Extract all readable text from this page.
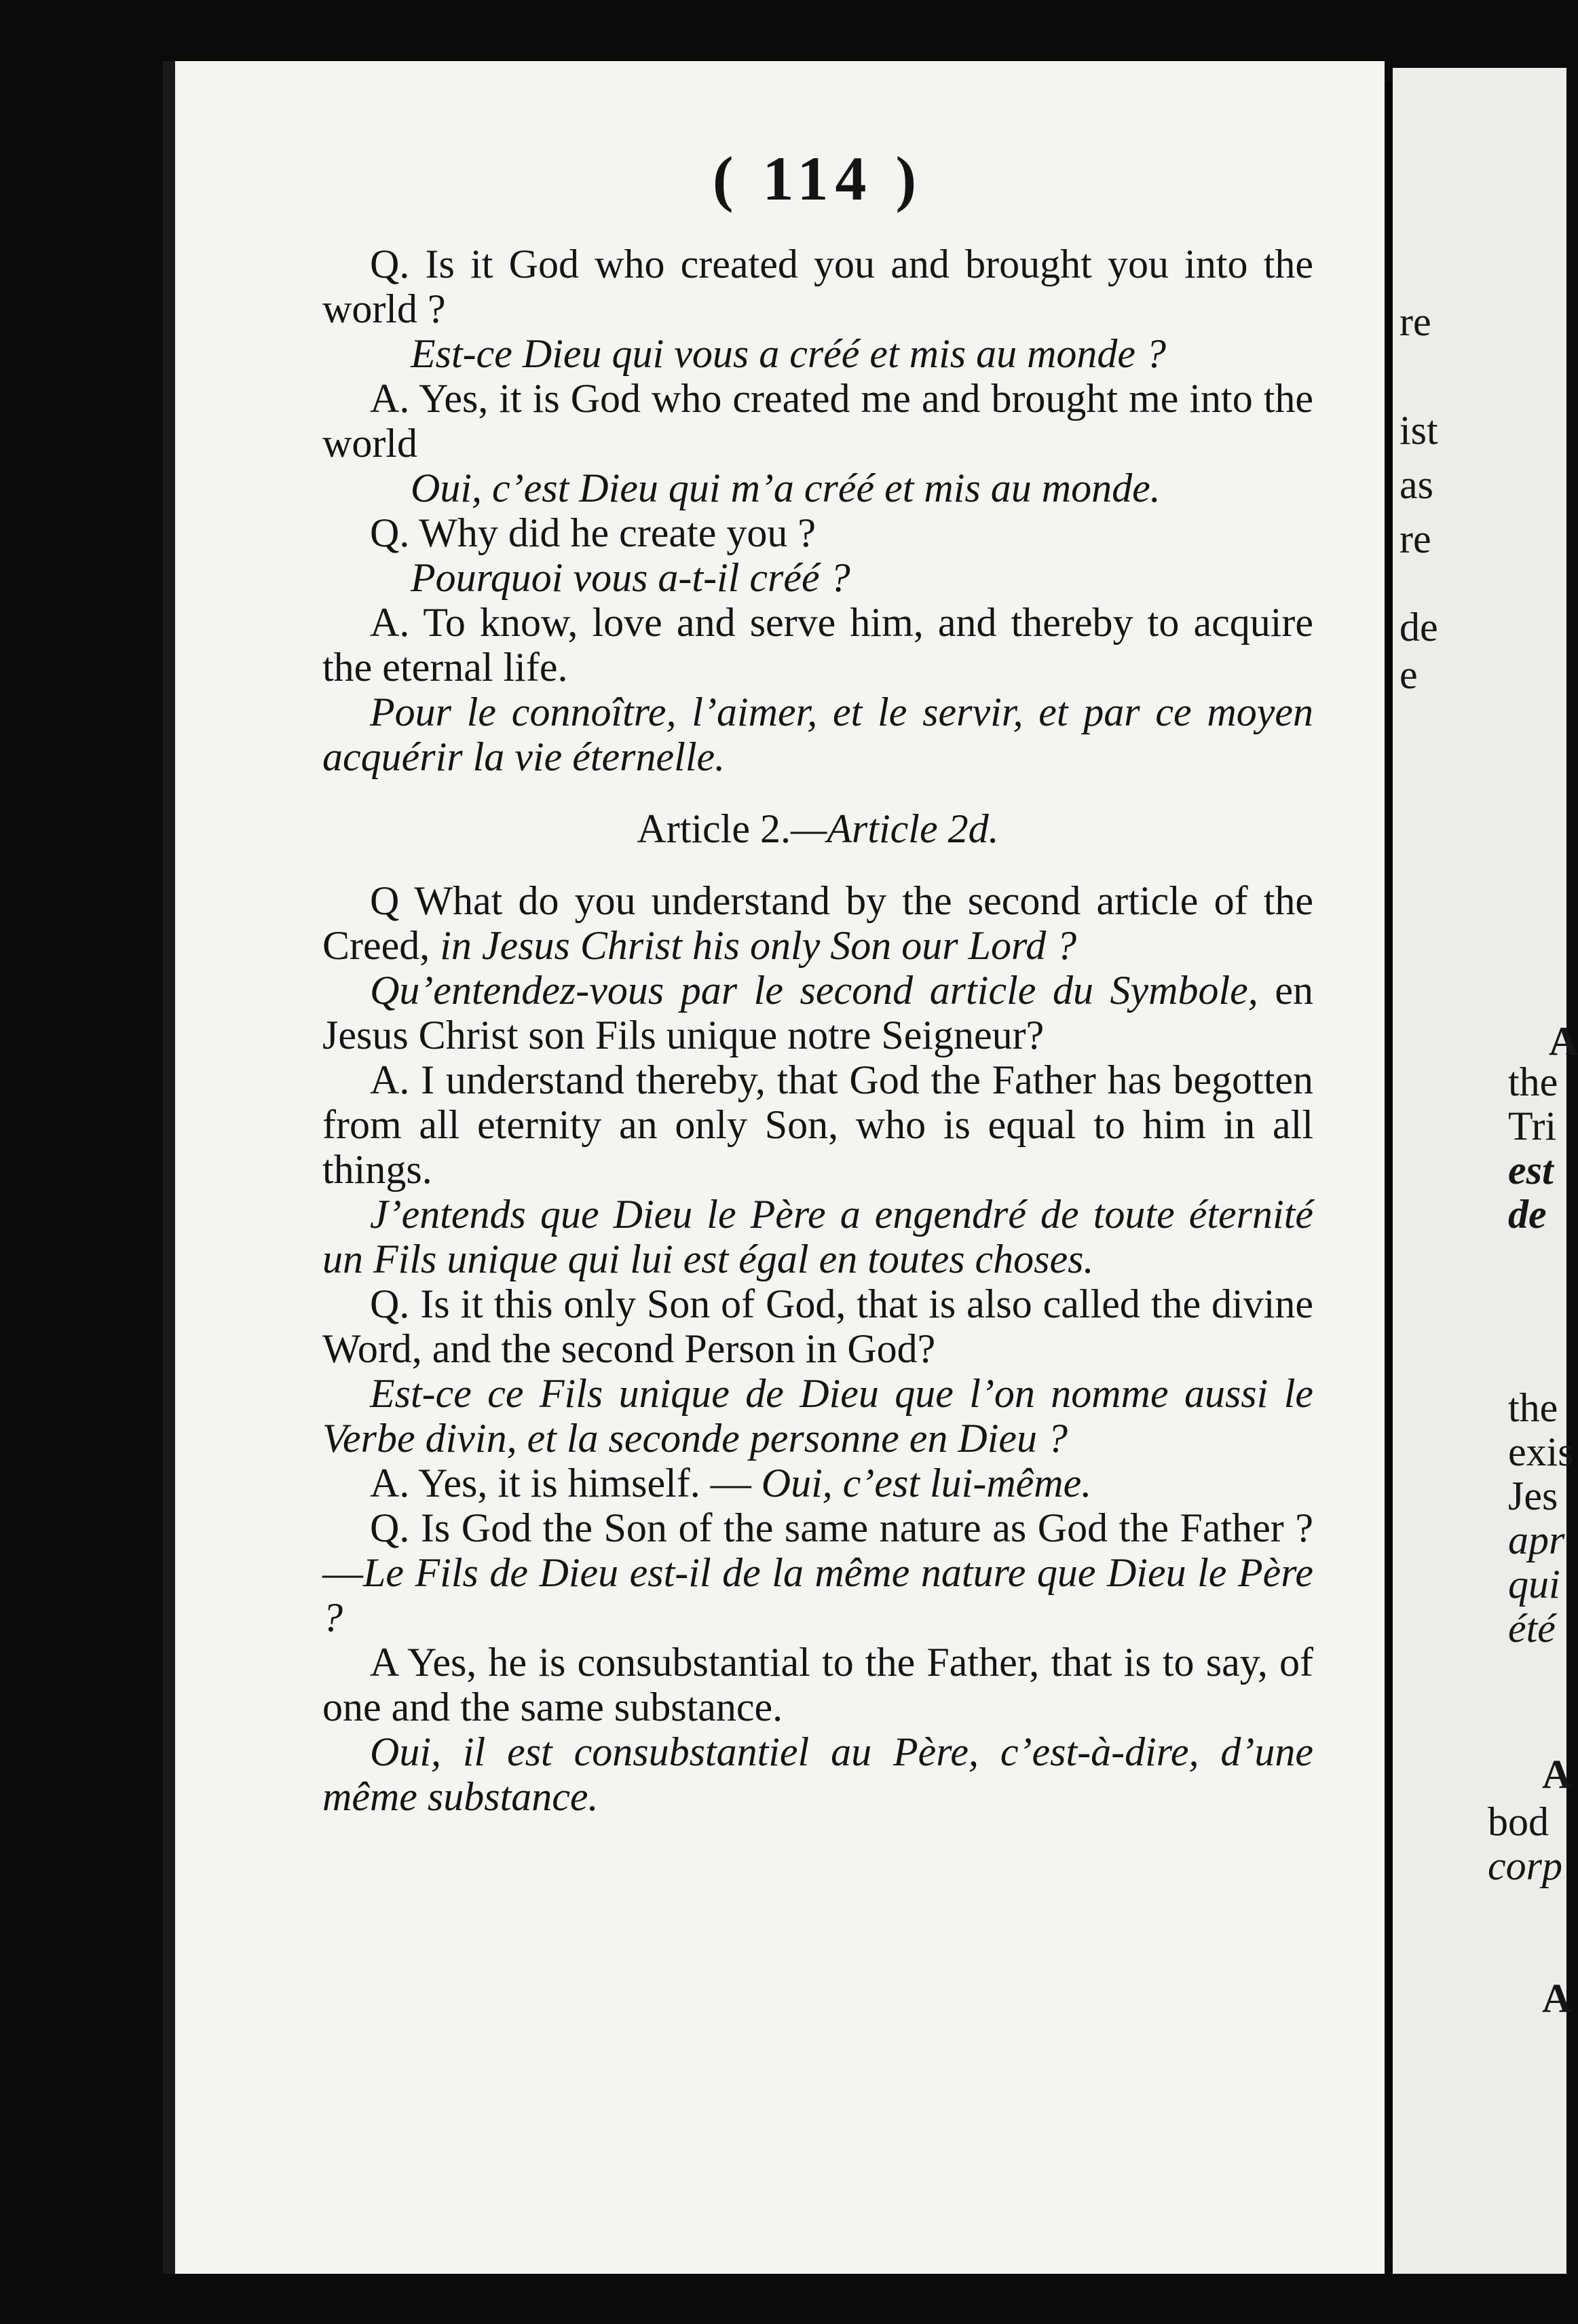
re
ist
as
re
de
e
A
the
Tri
est
de
the
exis
Jes
apr
qui
été
A
bod
corp
A
( 114 )

Q. Is it God who created you and brought you into the world ?

Est-ce Dieu qui vous a créé et mis au monde ?

A. Yes, it is God who created me and brought me into the world

Oui, c’est Dieu qui m’a créé et mis au monde.

Q. Why did he create you ?

Pourquoi vous a-t-il créé ?

A. To know, love and serve him, and thereby to acquire the eternal life.

Pour le connoître, l’aimer, et le servir, et par ce moyen acquérir la vie éternelle.

Article 2.—Article 2d.

Q What do you understand by the second article of the Creed, in Jesus Christ his only Son our Lord ?

Qu’entendez-vous par le second article du Symbole, en Jesus Christ son Fils unique notre Seigneur?

A. I understand thereby, that God the Father has begotten from all eternity an only Son, who is equal to him in all things.

J’entends que Dieu le Père a engendré de toute éternité un Fils unique qui lui est égal en toutes choses.

Q. Is it this only Son of God, that is also called the divine Word, and the second Person in God?

Est-ce ce Fils unique de Dieu que l’on nomme aussi le Verbe divin, et la seconde personne en Dieu ?

A. Yes, it is himself. — Oui, c’est lui-même.

Q. Is God the Son of the same nature as God the Father ?—Le Fils de Dieu est-il de la même nature que Dieu le Père ?

A Yes, he is consubstantial to the Father, that is to say, of one and the same substance.

Oui, il est consubstantiel au Père, c’est-à-dire, d’une même substance.
